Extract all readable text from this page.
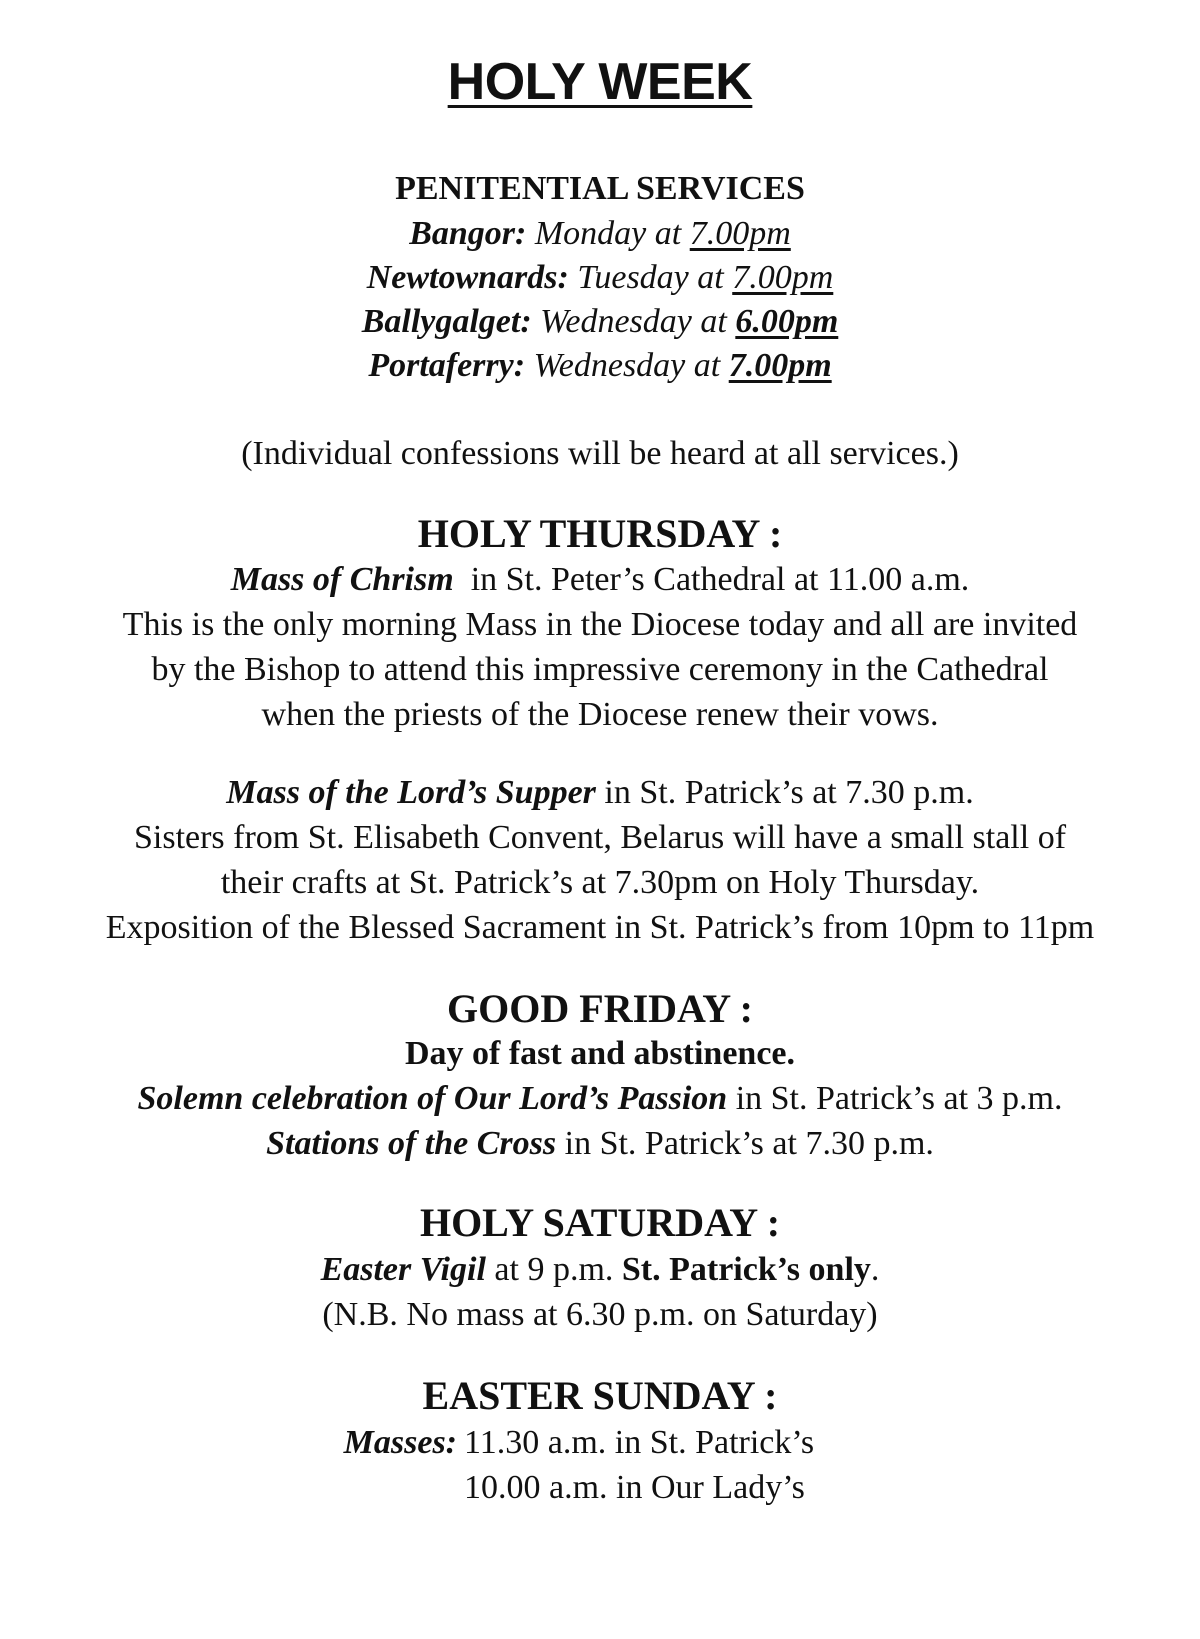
HOLY WEEK
PENITENTIAL SERVICES
Bangor: Monday at 7.00pm
Newtownards: Tuesday at 7.00pm
Ballygalget: Wednesday at 6.00pm
Portaferry: Wednesday at 7.00pm
(Individual confessions will be heard at all services.)
HOLY THURSDAY :
Mass of Chrism in St. Peter’s Cathedral at 11.00 a.m.
This is the only morning Mass in the Diocese today and all are invited
by the Bishop to attend this impressive ceremony in the Cathedral
when the priests of the Diocese renew their vows.
Mass of the Lord’s Supper in St. Patrick’s at 7.30 p.m.
Sisters from St. Elisabeth Convent, Belarus will have a small stall of
their crafts at St. Patrick’s at 7.30pm on Holy Thursday.
Exposition of the Blessed Sacrament in St. Patrick’s from 10pm to 11pm
GOOD FRIDAY :
Day of fast and abstinence.
Solemn celebration of Our Lord’s Passion in St. Patrick’s at 3 p.m.
Stations of the Cross in St. Patrick’s at 7.30 p.m.
HOLY SATURDAY :
Easter Vigil at 9 p.m. St. Patrick’s only.
(N.B. No mass at 6.30 p.m. on Saturday)
EASTER SUNDAY :
Masses: 11.30 a.m. in St. Patrick’s
10.00 a.m. in Our Lady’s
